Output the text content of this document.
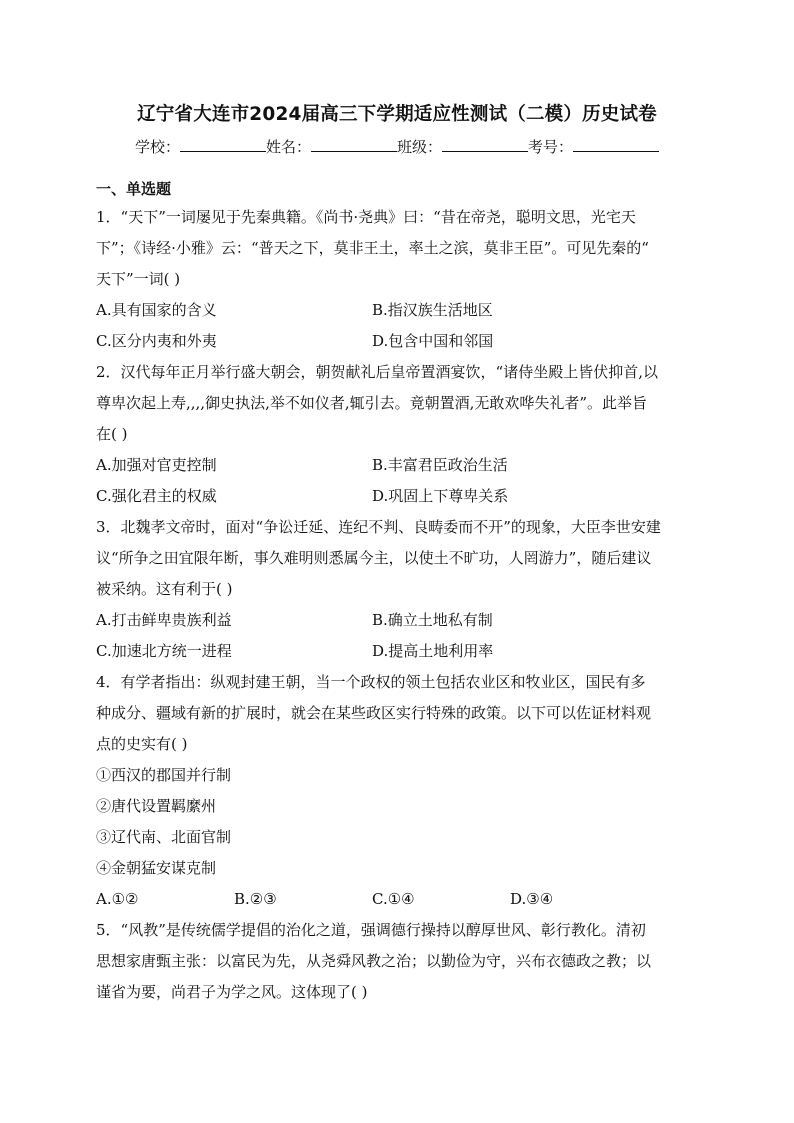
辽宁省大连市2024届高三下学期适应性测试（二模）历史试卷
学校：	姓名：	班级：	考号：
一、单选题
1．“天下”一词屡见于先秦典籍。《尚书·尧典》曰：“昔在帝尧，聪明文思，光宅天
下”；《诗经·小雅》云：“普天之下，莫非王土，率土之滨，莫非王臣”。可见先秦的“
天下”一词( )
A.具有国家的含义	B.指汉族生活地区
C.区分内夷和外夷	D.包含中国和邻国
2．汉代每年正月举行盛大朝会，朝贺献礼后皇帝置酒宴饮，“诸侍坐殿上皆伏抑首,以
尊卑次起上寿,,,,御史执法,举不如仪者,辄引去。竟朝置酒,无敢欢哗失礼者”。此举旨
在( )
A.加强对官吏控制	B.丰富君臣政治生活
C.强化君主的权威	D.巩固上下尊卑关系
3．北魏孝文帝时，面对“争讼迁延、连纪不判、良畴委而不开”的现象，大臣李世安建
议“所争之田宜限年断，事久难明则悉属今主，以使土不旷功，人罔游力”，随后建议
被采纳。这有利于( )
A.打击鲜卑贵族利益	B.确立土地私有制
C.加速北方统一进程	D.提高土地利用率
4．有学者指出：纵观封建王朝，当一个政权的领土包括农业区和牧业区，国民有多
种成分、疆域有新的扩展时，就会在某些政区实行特殊的政策。以下可以佐证材料观
点的史实有( )
①西汉的郡国并行制
②唐代设置羁縻州
③辽代南、北面官制
④金朝猛安谋克制
A.①②	B.②③	C.①④	D.③④
5．“风教”是传统儒学提倡的治化之道，强调德行操持以醇厚世风、彰行教化。清初
思想家唐甄主张：以富民为先，从尧舜风教之治；以勤俭为守，兴布衣德政之教；以
谨省为要，尚君子为学之风。这体现了( )
